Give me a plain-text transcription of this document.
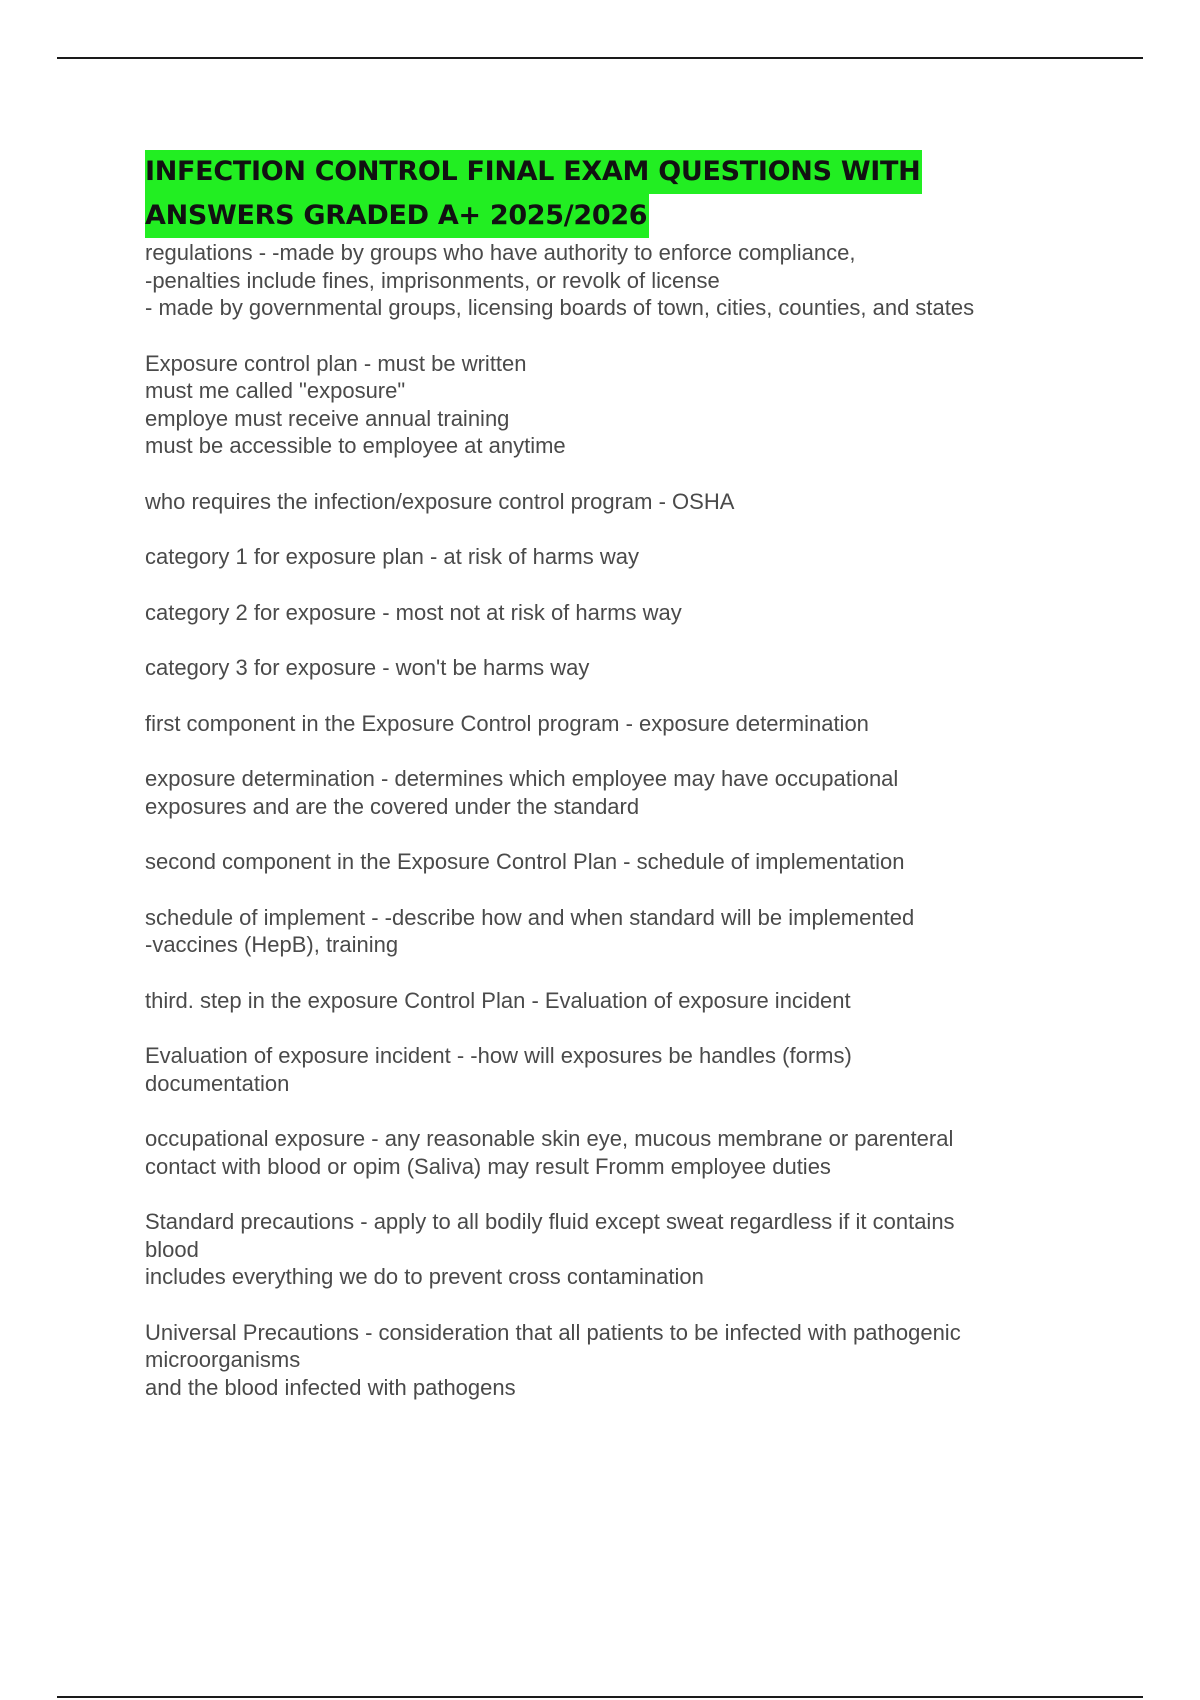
INFECTION CONTROL FINAL EXAM QUESTIONS WITH
ANSWERS GRADED A+ 2025/2026

regulations - -made by groups who have authority to enforce compliance,
-penalties include fines, imprisonments, or revolk of license
- made by governmental groups, licensing boards of town, cities, counties, and states

Exposure control plan - must be written
must me called "exposure"
employe must receive annual training
must be accessible to employee at anytime

who requires the infection/exposure control program - OSHA

category 1 for exposure plan - at risk of harms way

category 2 for exposure - most not at risk of harms way

category 3 for exposure - won't be harms way

first component in the Exposure Control program - exposure determination

exposure determination - determines which employee may have occupational
exposures and are the covered under the standard

second component in the Exposure Control Plan - schedule of implementation

schedule of implement - -describe how and when standard will be implemented
-vaccines (HepB), training

third. step in the exposure Control Plan - Evaluation of exposure incident

Evaluation of exposure incident - -how will exposures be handles (forms)
documentation

occupational exposure - any reasonable skin eye, mucous membrane or parenteral
contact with blood or opim (Saliva) may result Fromm employee duties

Standard precautions - apply to all bodily fluid except sweat regardless if it contains
blood
includes everything we do to prevent cross contamination

Universal Precautions - consideration that all patients to be infected with pathogenic
microorganisms
and the blood infected with pathogens
